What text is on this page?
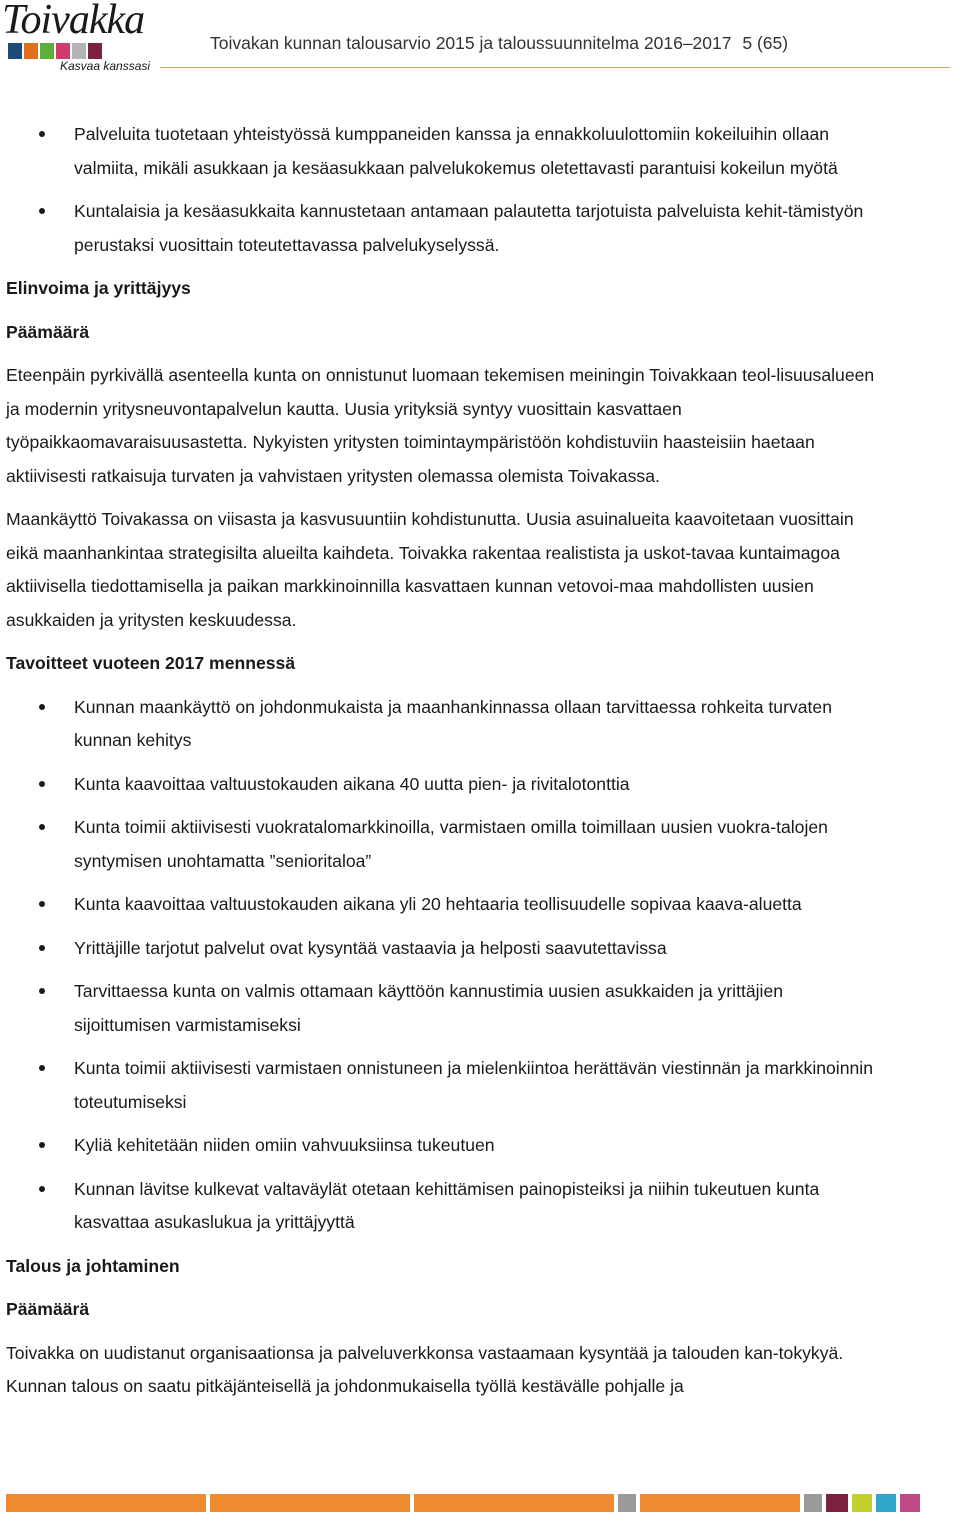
Toivakka
Kasvaa kanssasi
Toivakan kunnan talousarvio 2015 ja taloussuunnitelma 2016–2017 5 (65)
Palveluita tuotetaan yhteistyössä kumppaneiden kanssa ja ennakkoluulottomiin kokeiluihin ollaan valmiita, mikäli asukkaan ja kesäasukkaan palvelukokemus oletettavasti parantuisi kokeilun myötä
Kuntalaisia ja kesäasukkaita kannustetaan antamaan palautetta tarjotuista palveluista kehit-tämistyön perustaksi vuosittain toteutettavassa palvelukyselyssä.
Elinvoima ja yrittäjyys
Päämäärä

Eteenpäin pyrkivällä asenteella kunta on onnistunut luomaan tekemisen meiningin Toivakkaan teol-lisuusalueen ja modernin yritysneuvontapalvelun kautta. Uusia yrityksiä syntyy vuosittain kasvattaen työpaikkaomavaraisuusastetta. Nykyisten yritysten toimintaympäristöön kohdistuviin haasteisiin haetaan aktiivisesti ratkaisuja turvaten ja vahvistaen yritysten olemassa olemista Toivakassa.

Maankäyttö Toivakassa on viisasta ja kasvusuuntiin kohdistunutta. Uusia asuinalueita kaavoitetaan vuosittain eikä maanhankintaa strategisilta alueilta kaihdeta. Toivakka rakentaa realistista ja uskot-tavaa kuntaimagoa aktiivisella tiedottamisella ja paikan markkinoinnilla kasvattaen kunnan vetovoi-maa mahdollisten uusien asukkaiden ja yritysten keskuudessa.

Tavoitteet vuoteen 2017 mennessä
Kunnan maankäyttö on johdonmukaista ja maanhankinnassa ollaan tarvittaessa rohkeita turvaten kunnan kehitys
Kunta kaavoittaa valtuustokauden aikana 40 uutta pien- ja rivitalotonttia
Kunta toimii aktiivisesti vuokratalomarkkinoilla, varmistaen omilla toimillaan uusien vuokra-talojen syntymisen unohtamatta ”senioritaloa”
Kunta kaavoittaa valtuustokauden aikana yli 20 hehtaaria teollisuudelle sopivaa kaava-aluetta
Yrittäjille tarjotut palvelut ovat kysyntää vastaavia ja helposti saavutettavissa
Tarvittaessa kunta on valmis ottamaan käyttöön kannustimia uusien asukkaiden ja yrittäjien sijoittumisen varmistamiseksi
Kunta toimii aktiivisesti varmistaen onnistuneen ja mielenkiintoa herättävän viestinnän ja markkinoinnin toteutumiseksi
Kyliä kehitetään niiden omiin vahvuuksiinsa tukeutuen
Kunnan lävitse kulkevat valtaväylät otetaan kehittämisen painopisteiksi ja niihin tukeutuen kunta kasvattaa asukaslukua ja yrittäjyyttä
Talous ja johtaminen
Päämäärä

Toivakka on uudistanut organisaationsa ja palveluverkkonsa vastaamaan kysyntää ja talouden kan-tokykyä. Kunnan talous on saatu pitkäjänteisellä ja johdonmukaisella työllä kestävälle pohjalle ja
